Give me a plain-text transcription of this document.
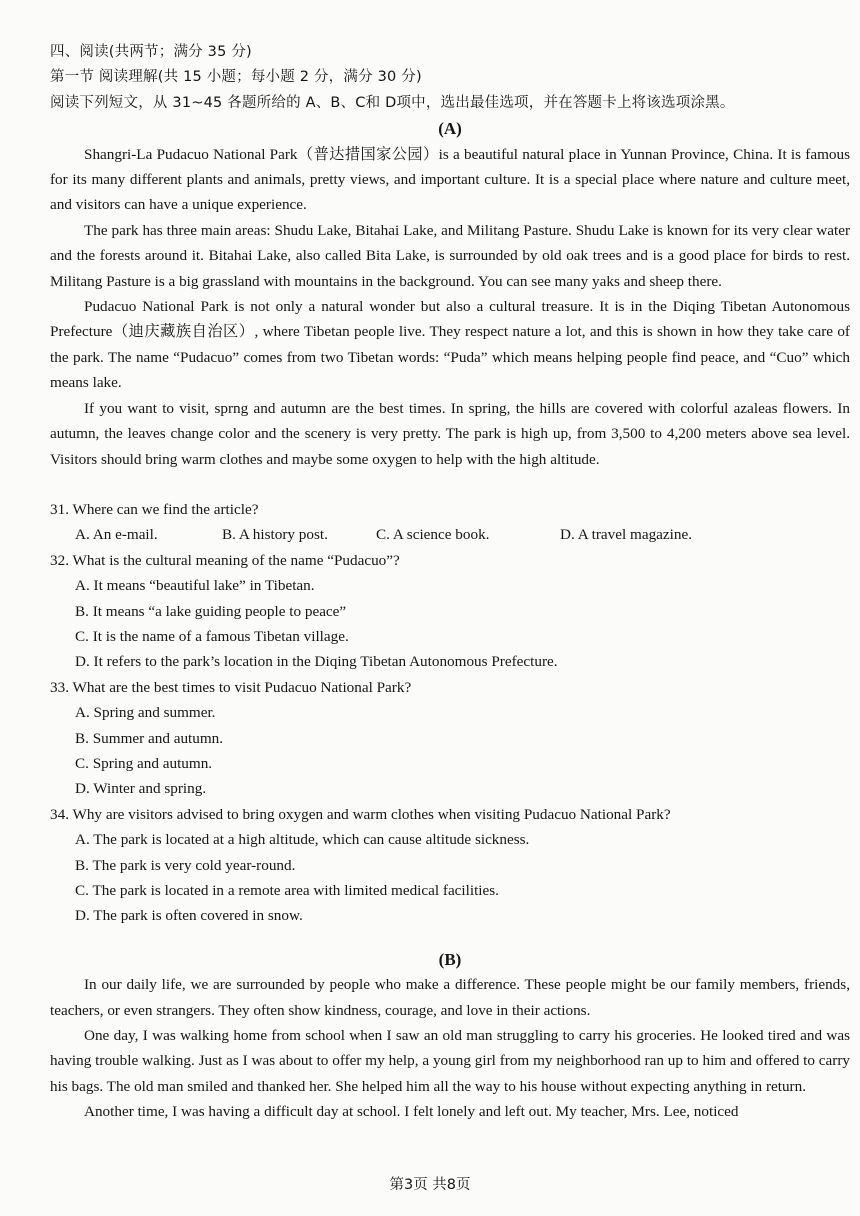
四、阅读(共两节；满分 35 分)
第一节 阅读理解(共 15 小题；每小题 2 分，满分 30 分)
阅读下列短文，从 31~45 各题所给的 A、B、C和 D项中，选出最佳选项，并在答题卡上将该选项涂黑。
(A)
Shangri-La Pudacuo National Park（普达措国家公园）is a beautiful natural place in Yunnan Province, China. It is famous for its many different plants and animals, pretty views, and important culture. It is a special place where nature and culture meet, and visitors can have a unique experience.
The park has three main areas: Shudu Lake, Bitahai Lake, and Militang Pasture. Shudu Lake is known for its very clear water and the forests around it. Bitahai Lake, also called Bita Lake, is surrounded by old oak trees and is a good place for birds to rest. Militang Pasture is a big grassland with mountains in the background. You can see many yaks and sheep there.
Pudacuo National Park is not only a natural wonder but also a cultural treasure. It is in the Diqing Tibetan Autonomous Prefecture（迪庆藏族自治区）, where Tibetan people live. They respect nature a lot, and this is shown in how they take care of the park. The name “Pudacuo” comes from two Tibetan words: “Puda” which means helping people find peace, and “Cuo” which means lake.
If you want to visit, sprng and autumn are the best times. In spring, the hills are covered with colorful azaleas flowers. In autumn, the leaves change color and the scenery is very pretty. The park is high up, from 3,500 to 4,200 meters above sea level. Visitors should bring warm clothes and maybe some oxygen to help with the high altitude.
31. Where can we find the article?
A. An e-mail.	B. A history post.	C. A science book.	D. A travel magazine.
32. What is the cultural meaning of the name “Pudacuo”?
A. It means “beautiful lake” in Tibetan.
B. It means “a lake guiding people to peace”
C. It is the name of a famous Tibetan village.
D. It refers to the park’s location in the Diqing Tibetan Autonomous Prefecture.
33. What are the best times to visit Pudacuo National Park?
A. Spring and summer.
B. Summer and autumn.
C. Spring and autumn.
D. Winter and spring.
34. Why are visitors advised to bring oxygen and warm clothes when visiting Pudacuo National Park?
A. The park is located at a high altitude, which can cause altitude sickness.
B. The park is very cold year-round.
C. The park is located in a remote area with limited medical facilities.
D. The park is often covered in snow.
(B)
In our daily life, we are surrounded by people who make a difference. These people might be our family members, friends, teachers, or even strangers. They often show kindness, courage, and love in their actions.
One day, I was walking home from school when I saw an old man struggling to carry his groceries. He looked tired and was having trouble walking. Just as I was about to offer my help, a young girl from my neighborhood ran up to him and offered to carry his bags. The old man smiled and thanked her. She helped him all the way to his house without expecting anything in return.
Another time, I was having a difficult day at school. I felt lonely and left out. My teacher, Mrs. Lee, noticed
第3页 共8页
